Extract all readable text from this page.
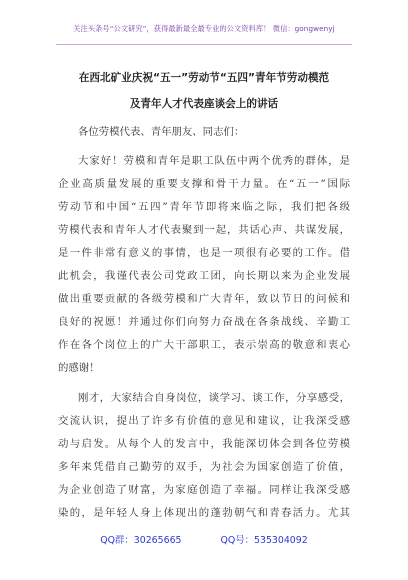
关注头条号“公文研究”，获得最新最全最专业的公文资料库！ 微信：gongwenyj
在西北矿业庆祝“五一”劳动节“五四”青年节劳动模范
及青年人才代表座谈会上的讲话
各位劳模代表、青年朋友、同志们：
大家好！劳模和青年是职工队伍中两个优秀的群体，是
企业高质量发展的重要支撑和骨干力量。在“五一”国际
劳动节和中国“五四”青年节即将来临之际，我们把各级
劳模代表和青年人才代表聚到一起，共话心声、共谋发展，
是一件非常有意义的事情，也是一项很有必要的工作。借
此机会，我谨代表公司党政工团，向长期以来为企业发展
做出重要贡献的各级劳模和广大青年，致以节日的问候和
良好的祝愿！并通过你们向努力奋战在各条战线、辛勤工
作在各个岗位上的广大干部职工，表示崇高的敬意和衷心
的感谢！
刚才，大家结合自身岗位，谈学习、谈工作，分享感受，
交流认识，提出了许多有价值的意见和建议，让我深受感
动与启发。从每个人的发言中，我能深切体会到各位劳模
多年来凭借自己勤劳的双手，为社会为国家创造了价值，
为企业创造了财富，为家庭创造了幸福。同样让我深受感
染的，是年轻人身上体现出的蓬勃朝气和青春活力。尤其
QQ群：30265665	QQ号：535304092
